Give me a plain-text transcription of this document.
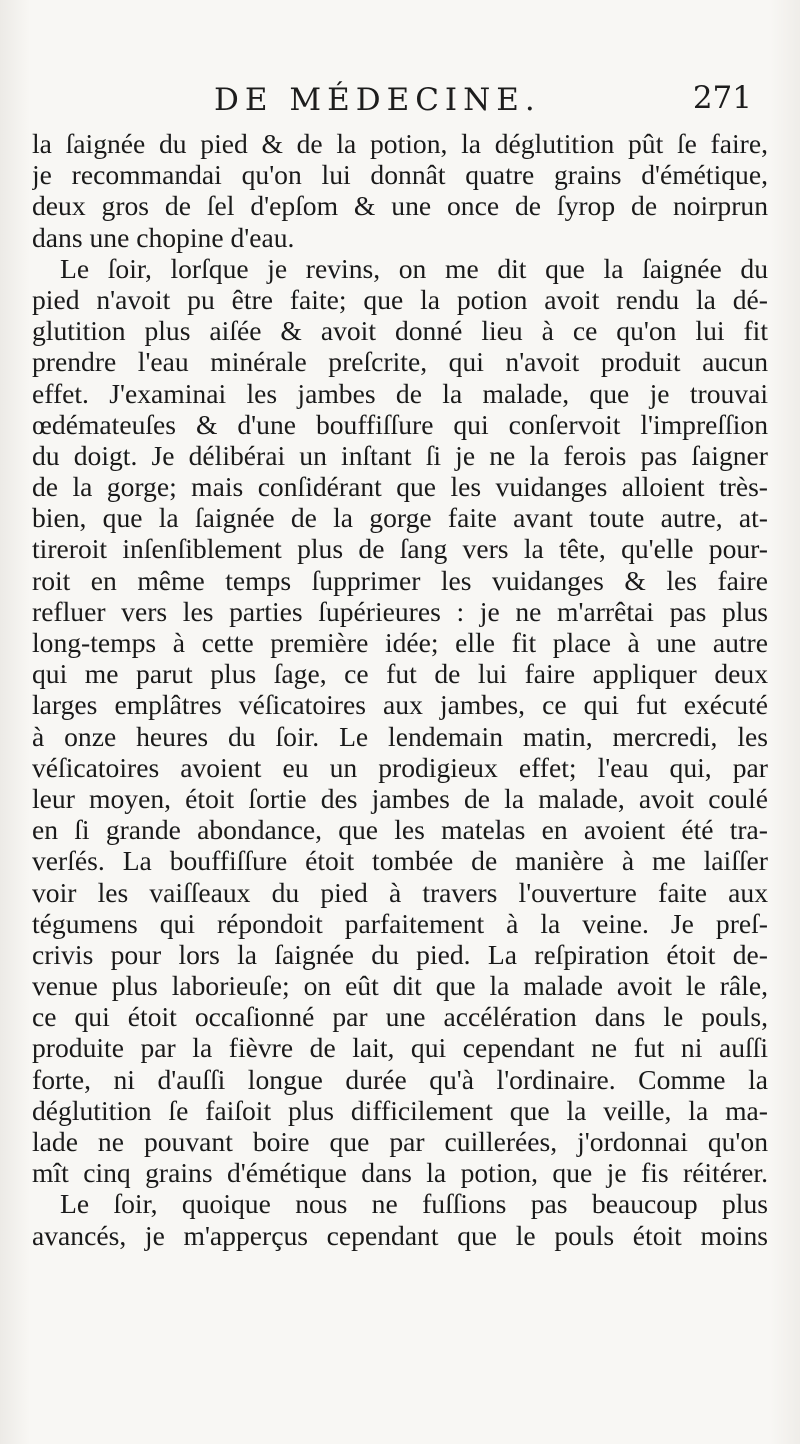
DE MÉDECINE.	271
la ſaignée du pied & de la potion, la déglutition pût ſe faire,
je recommandai qu'on lui donnât quatre grains d'émétique,
deux gros de ſel d'epſom & une once de ſyrop de noirprun
dans une chopine d'eau.
Le ſoir, lorſque je revins, on me dit que la ſaignée du
pied n'avoit pu être faite; que la potion avoit rendu la dé-
glutition plus aiſée & avoit donné lieu à ce qu'on lui fit
prendre l'eau minérale preſcrite, qui n'avoit produit aucun
effet. J'examinai les jambes de la malade, que je trouvai
œdémateuſes & d'une bouffiſſure qui conſervoit l'impreſſion
du doigt. Je délibérai un inſtant ſi je ne la ferois pas ſaigner
de la gorge; mais conſidérant que les vuidanges alloient très-
bien, que la ſaignée de la gorge faite avant toute autre, at-
tireroit inſenſiblement plus de ſang vers la tête, qu'elle pour-
roit en même temps ſupprimer les vuidanges & les faire
refluer vers les parties ſupérieures : je ne m'arrêtai pas plus
long-temps à cette première idée; elle fit place à une autre
qui me parut plus ſage, ce fut de lui faire appliquer deux
larges emplâtres véſicatoires aux jambes, ce qui fut exécuté
à onze heures du ſoir. Le lendemain matin, mercredi, les
véſicatoires avoient eu un prodigieux effet; l'eau qui, par
leur moyen, étoit ſortie des jambes de la malade, avoit coulé
en ſi grande abondance, que les matelas en avoient été tra-
verſés. La bouffiſſure étoit tombée de manière à me laiſſer
voir les vaiſſeaux du pied à travers l'ouverture faite aux
tégumens qui répondoit parfaitement à la veine. Je preſ-
crivis pour lors la ſaignée du pied. La reſpiration étoit de-
venue plus laborieuſe; on eût dit que la malade avoit le râle,
ce qui étoit occaſionné par une accélération dans le pouls,
produite par la fièvre de lait, qui cependant ne fut ni auſſi
forte, ni d'auſſi longue durée qu'à l'ordinaire. Comme la
déglutition ſe faiſoit plus difficilement que la veille, la ma-
lade ne pouvant boire que par cuillerées, j'ordonnai qu'on
mît cinq grains d'émétique dans la potion, que je fis réitérer.
Le ſoir, quoique nous ne fuſſions pas beaucoup plus
avancés, je m'apperçus cependant que le pouls étoit moins
